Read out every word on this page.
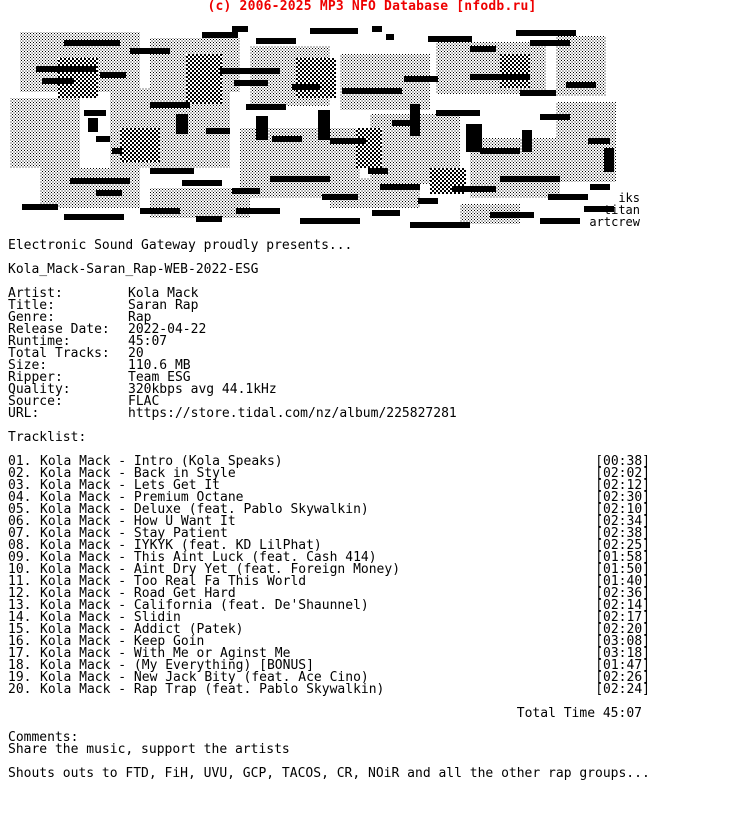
(c) 2006-2025 MP3 NFO Database [nfodb.ru]
iks
titan
artcrew
Electronic Sound Gateway proudly presents...
Kola_Mack-Saran_Rap-WEB-2022-ESG
Artist:	Kola Mack
Title:	Saran Rap
Genre:	Rap
Release Date: 2022-04-22
Runtime:	45:07
Total Tracks: 20
Size:	110.6 MB
Ripper:	Team ESG
Quality:	320kbps avg 44.1kHz
Source:	FLAC
URL:	https://store.tidal.com/nz/album/225827281
Tracklist:
01. Kola Mack - Intro (Kola Speaks)	[00:38]
02. Kola Mack - Back in Style	[02:02]
03. Kola Mack - Lets Get It	[02:12]
04. Kola Mack - Premium Octane	[02:30]
05. Kola Mack - Deluxe (feat. Pablo Skywalkin)	[02:10]
06. Kola Mack - How U Want It	[02:34]
07. Kola Mack - Stay Patient	[02:38]
08. Kola Mack - IYKYK (feat. KD LilPhat)	[02:25]
09. Kola Mack - This Aint Luck (feat. Cash 414)	[01:58]
10. Kola Mack - Aint Dry Yet (feat. Foreign Money)	[01:50]
11. Kola Mack - Too Real Fa This World	[01:40]
12. Kola Mack - Road Get Hard	[02:36]
13. Kola Mack - California (feat. De'Shaunnel)	[02:14]
14. Kola Mack - Slidin	[02:17]
15. Kola Mack - Addict (Patek)	[02:20]
16. Kola Mack - Keep Goin	[03:08]
17. Kola Mack - With Me or Aginst Me	[03:18]
18. Kola Mack - (My Everything) [BONUS]	[01:47]
19. Kola Mack - New Jack Bity (feat. Ace Cino)	[02:26]
20. Kola Mack - Rap Trap (feat. Pablo Skywalkin)	[02:24]
Total Time 45:07
Comments:
Share the music, support the artists
Shouts outs to FTD, FiH, UVU, GCP, TACOS, CR, NOiR and all the other rap groups...
